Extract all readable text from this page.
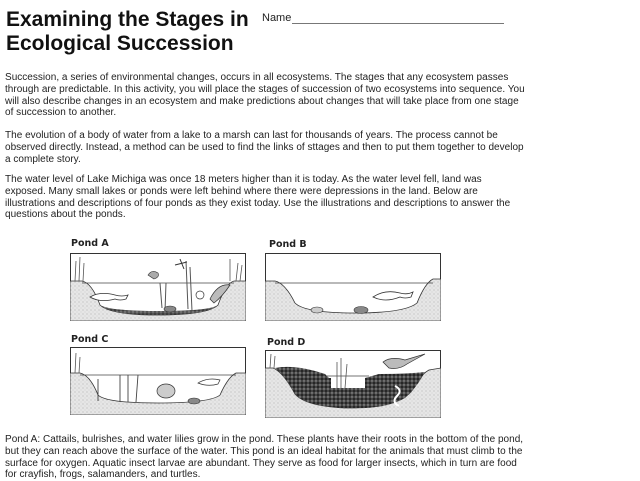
Examining the Stages in
Ecological Succession
Name

Succession, a series of environmental changes, occurs in all ecosystems. The stages that any ecosystem passes through are predictable. In this activity, you will place the stages of succession of two ecosystems into sequence. You will also describe changes in an ecosystem and make predictions about changes that will take place from one stage of succession to another.

The evolution of a body of water from a lake to a marsh can last for thousands of years. The process cannot be observed directly. Instead, a method can be used to find the links of sttages and then to put them together to develop a complete story.

The water level of Lake Michiga was once 18 meters higher than it is today. As the water level fell, land was exposed. Many small lakes or ponds were left behind where there were depressions in the land. Below are illustrations and descriptions of four ponds as they exist today. Use the illustrations and descriptions to answer the questions about the ponds.

Pond A	Pond B
Pond C	Pond D

Pond A: Cattails, bulrishes, and water lilies grow in the pond. These plants have their roots in the bottom of the pond, but they can reach above the surface of the water. This pond is an ideal habitat for the animals that must climb to the surface for oxygen. Aquatic insect larvae are abundant. They serve as food for larger insects, which in turn are food for crayfish, frogs, salamanders, and turtles.
